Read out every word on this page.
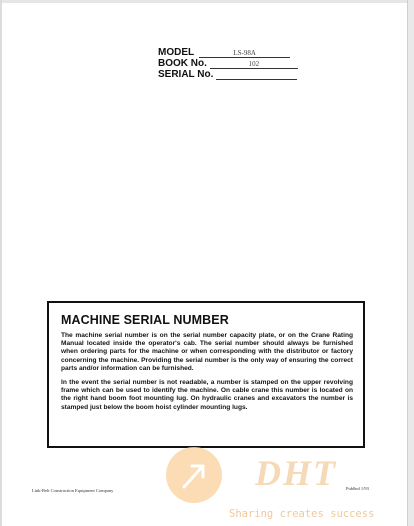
MODEL	LS-98A
BOOK No.	102
SERIAL No.
MACHINE SERIAL NUMBER

The machine serial number is on the serial number capacity plate, or on the Crane Rating Manual located inside the operator's cab. The serial number should always be furnished when ordering parts for the machine or when corresponding with the distributor or factory concerning the machine. Providing the serial number is the only way of ensuring the correct parts and/or information can be furnished.

In the event the serial number is not readable, a number is stamped on the upper revolving frame which can be used to identify the machine. On cable crane this number is located on the right hand boom foot mounting lug. On hydraulic cranes and excavators the number is stamped just below the boom hoist cylinder mounting lugs.

Link-Belt Construction Equipment Company	Pub0nd 1/93
DHT
Sharing creates success
